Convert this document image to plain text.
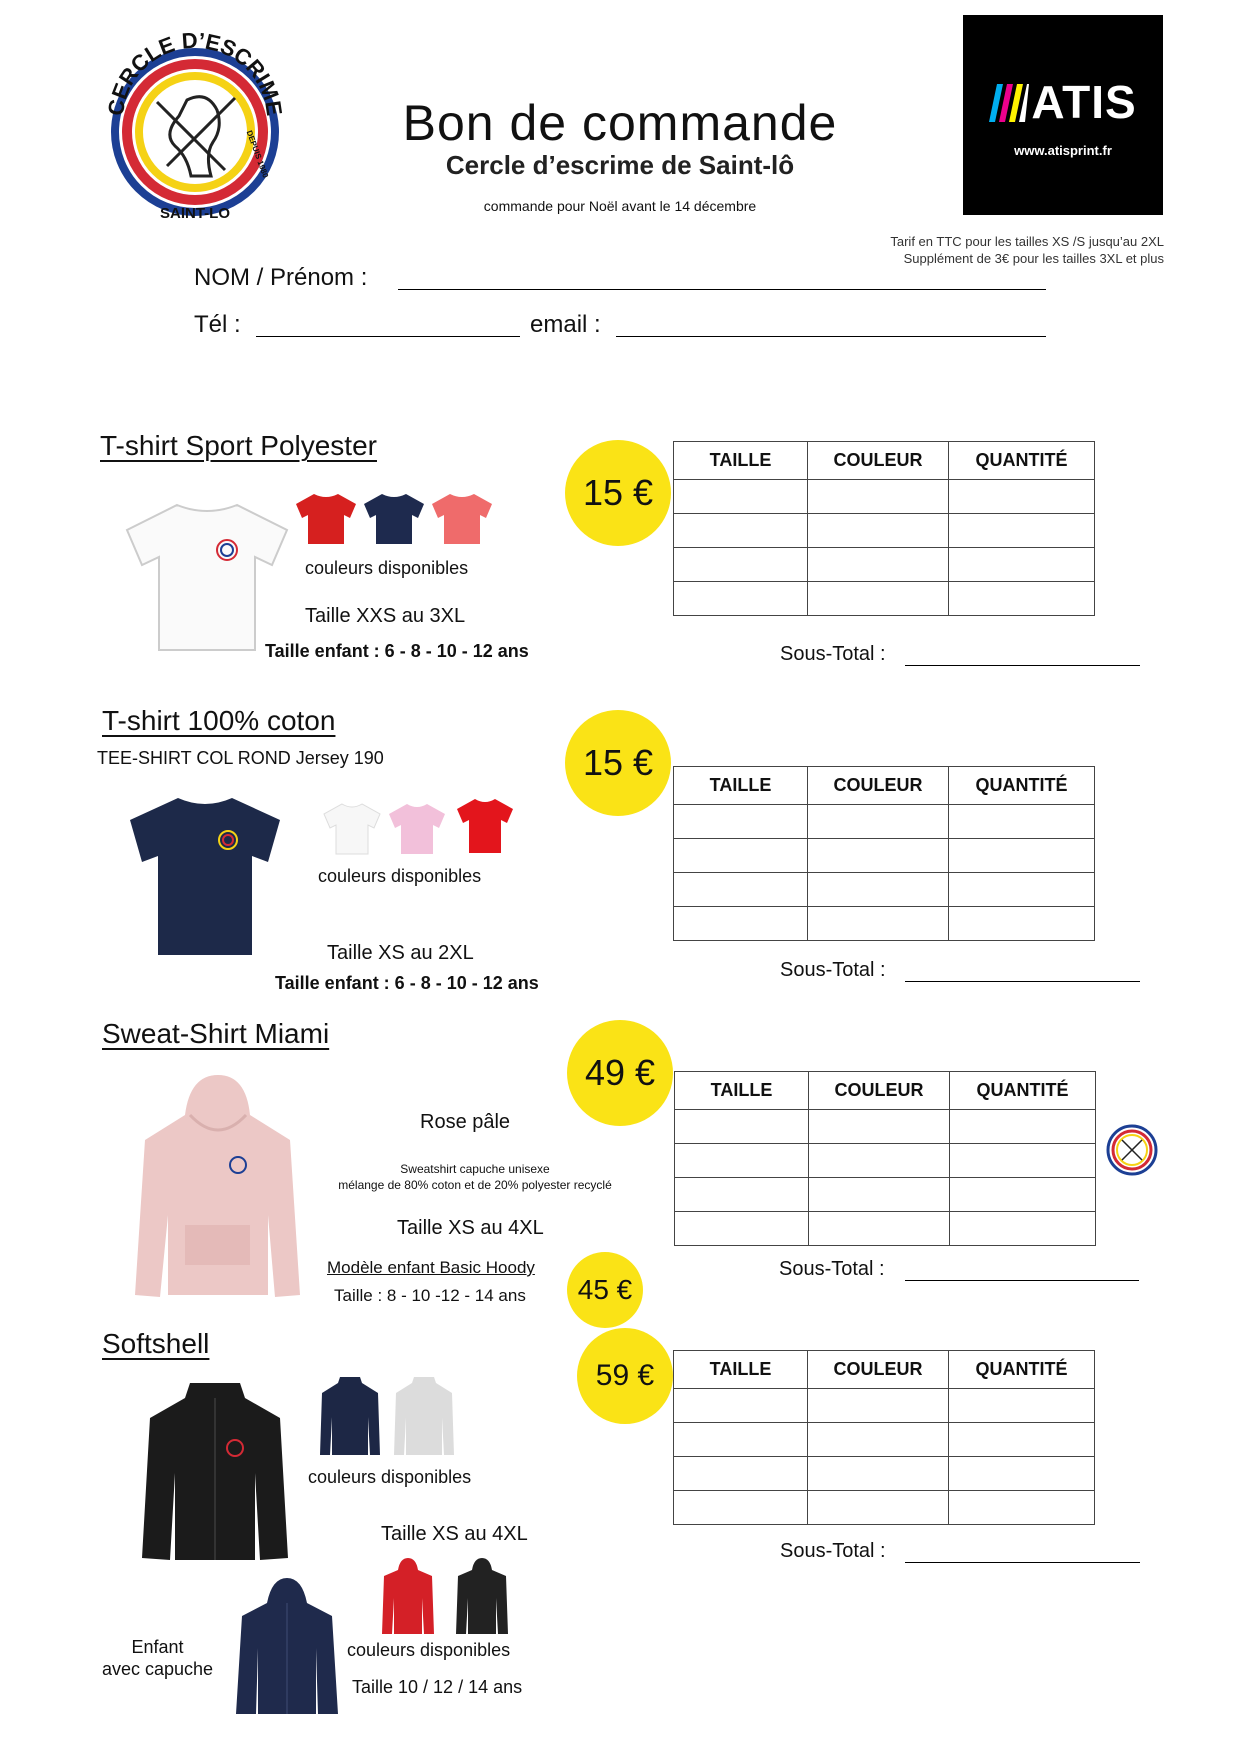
CERCLE D’ESCRIME
SAINT-LO
DEPUIS 1980
Bon de commande
Cercle d’escrime de Saint-lô
commande pour Noël avant le 14 décembre
ATIS
www.atisprint.fr
Tarif en TTC pour les tailles XS /S jusqu’au 2XL
Supplément de 3€ pour les tailles 3XL et plus
NOM / Prénom :
Tél :	email :
T-shirt Sport Polyester
couleurs disponibles
Taille XXS au 3XL
Taille enfant : 6 - 8 - 10 - 12 ans
15 €
TAILLE	COULEUR	QUANTITÉ

Sous-Total :
T-shirt 100% coton
TEE-SHIRT COL ROND Jersey 190
couleurs disponibles
Taille XS au 2XL
Taille enfant : 6 - 8 - 10 - 12 ans
15 €
TAILLE	COULEUR	QUANTITÉ

Sous-Total :
Sweat-Shirt Miami
Rose pâle
Sweatshirt capuche unisexe
mélange de 80% coton et de 20% polyester recyclé
Taille XS au 4XL
Modèle enfant Basic Hoody
Taille : 8 - 10 -12 - 14 ans	45 €
49 €	TAILLE	COULEUR	QUANTITÉ

Sous-Total :
Softshell
couleurs disponibles
Taille XS au 4XL
Enfant
avec capuche
couleurs disponibles
Taille 10 / 12 / 14 ans
59 €	TAILLE	COULEUR	QUANTITÉ

Sous-Total :
